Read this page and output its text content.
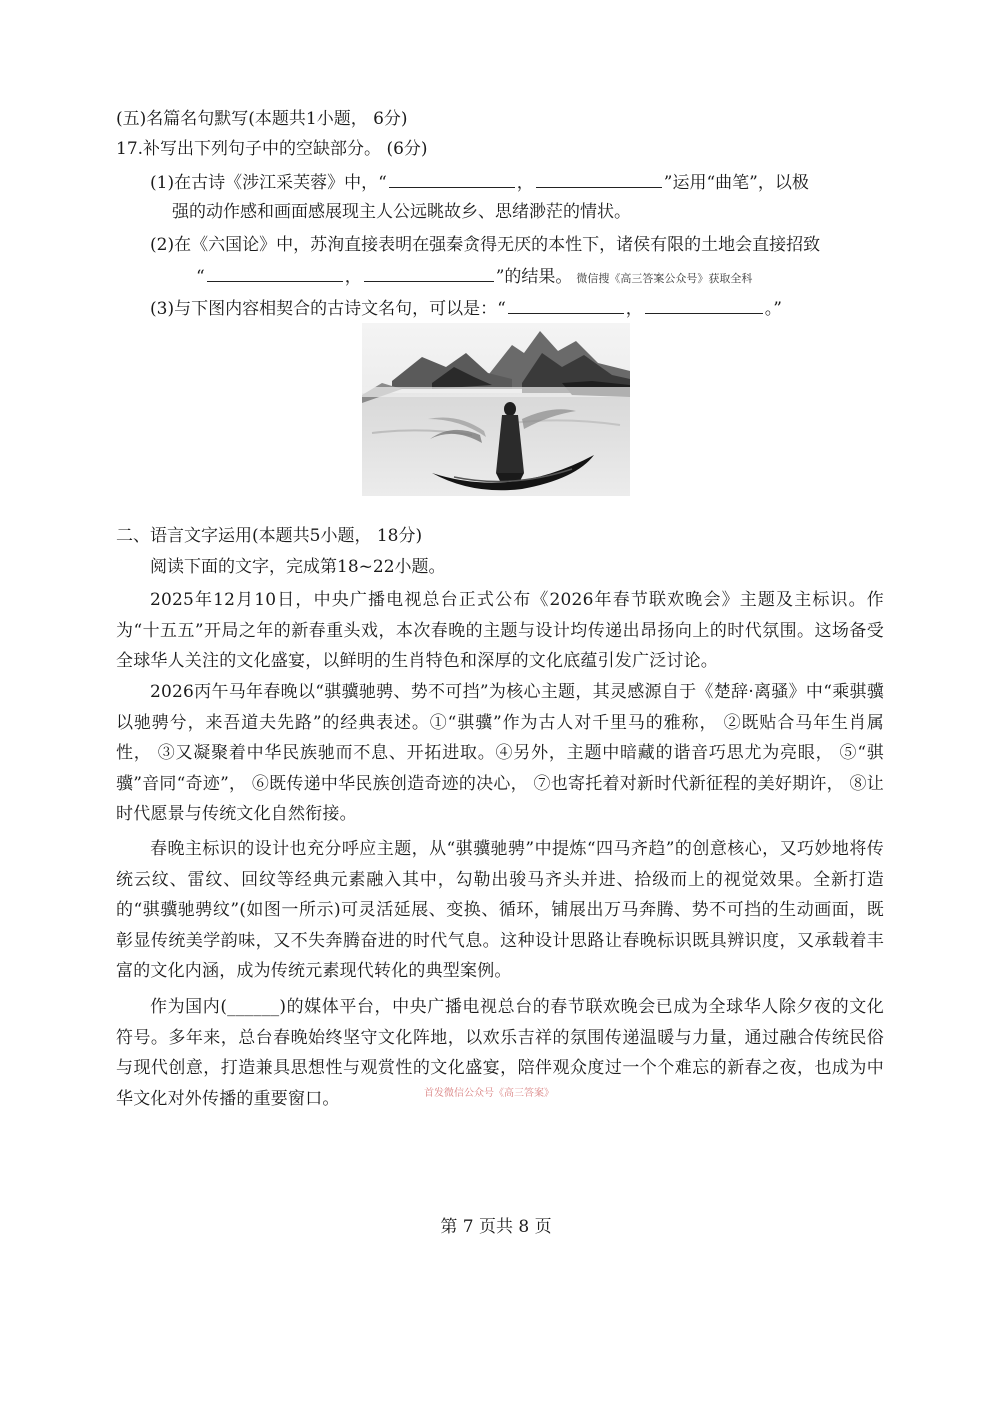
(五)名篇名句默写(本题共1小题， 6分)
17.补写出下列句子中的空缺部分。 (6分)
(1)在古诗《涉江采芙蓉》中，“	，	”运用“曲笔”，以极
强的动作感和画面感展现主人公远眺故乡、思绪渺茫的情状。
(2)在《六国论》中，苏洵直接表明在强秦贪得无厌的本性下，诸侯有限的土地会直接招致
“	，	”的结果。 微信搜《高三答案公众号》获取全科
(3)与下图内容相契合的古诗文名句，可以是：“	，	。”
二、语言文字运用(本题共5小题， 18分)
阅读下面的文字，完成第18~22小题。
2025年12月10日，中央广播电视总台正式公布《2026年春节联欢晚会》主题及主标识。作为“十五五”开局之年的新春重头戏，本次春晚的主题与设计均传递出昂扬向上的时代氛围。这场备受全球华人关注的文化盛宴，以鲜明的生肖特色和深厚的文化底蕴引发广泛讨论。
2026丙午马年春晚以“骐骥驰骋、势不可挡”为核心主题，其灵感源自于《楚辞·离骚》中“乘骐骥以驰骋兮，来吾道夫先路”的经典表述。①“骐骥”作为古人对千里马的雅称， ②既贴合马年生肖属性， ③又凝聚着中华民族驰而不息、开拓进取。④另外，主题中暗藏的谐音巧思尤为亮眼， ⑤“骐骥”音同“奇迹”， ⑥既传递中华民族创造奇迹的决心， ⑦也寄托着对新时代新征程的美好期许， ⑧让时代愿景与传统文化自然衔接。
春晚主标识的设计也充分呼应主题，从“骐骥驰骋”中提炼“四马齐趋”的创意核心，又巧妙地将传统云纹、雷纹、回纹等经典元素融入其中，勾勒出骏马齐头并进、拾级而上的视觉效果。全新打造的“骐骥驰骋纹”(如图一所示)可灵活延展、变换、循环，铺展出万马奔腾、势不可挡的生动画面，既彰显传统美学韵味，又不失奔腾奋进的时代气息。这种设计思路让春晚标识既具辨识度，又承载着丰富的文化内涵，成为传统元素现代转化的典型案例。
作为国内(______)的媒体平台，中央广播电视总台的春节联欢晚会已成为全球华人除夕夜的文化符号。多年来，总台春晚始终坚守文化阵地，以欢乐吉祥的氛围传递温暖与力量，通过融合传统民俗与现代创意，打造兼具思想性与观赏性的文化盛宴，陪伴观众度过一个个难忘的新春之夜，也成为中华文化对外传播的重要窗口。	首发微信公众号《高三答案》
第 7 页共 8 页
